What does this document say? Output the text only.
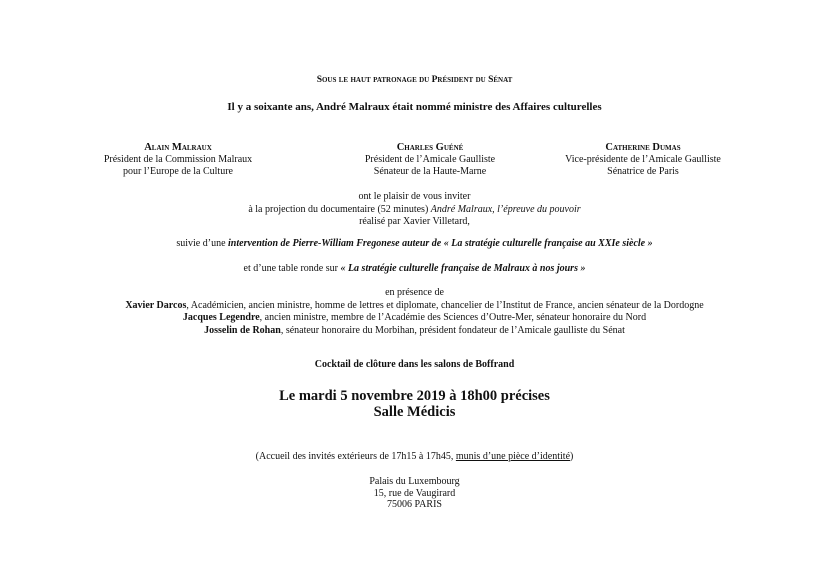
Sous le haut patronage du Président du Sénat
Il y a soixante ans, André Malraux était nommé ministre des Affaires culturelles
Alain Malraux
Président de la Commission Malraux
pour l’Europe de la Culture
Charles Guéné
Président de l’Amicale Gaulliste
Sénateur de la Haute-Marne
Catherine Dumas
Vice-présidente de l’Amicale Gaulliste
Sénatrice de Paris
ont le plaisir de vous inviter
à la projection du documentaire (52 minutes) André Malraux, l’épreuve du pouvoir
réalisé par Xavier Villetard,
suivie d’une intervention de Pierre-William Fregonese auteur de « La stratégie culturelle française au XXIe siècle »
et d’une table ronde sur « La stratégie culturelle française de Malraux à nos jours »
en présence de
Xavier Darcos, Académicien, ancien ministre, homme de lettres et diplomate, chancelier de l’Institut de France, ancien sénateur de la Dordogne
Jacques Legendre, ancien ministre, membre de l’Académie des Sciences d’Outre-Mer, sénateur honoraire du Nord
Josselin de Rohan, sénateur honoraire du Morbihan, président fondateur de l’Amicale gaulliste du Sénat
Cocktail de clôture dans les salons de Boffrand
Le mardi 5 novembre 2019 à 18h00 précises
Salle Médicis
(Accueil des invités extérieurs de 17h15 à 17h45, munis d’une pièce d’identité)
Palais du Luxembourg
15, rue de Vaugirard
75006 PARIS
